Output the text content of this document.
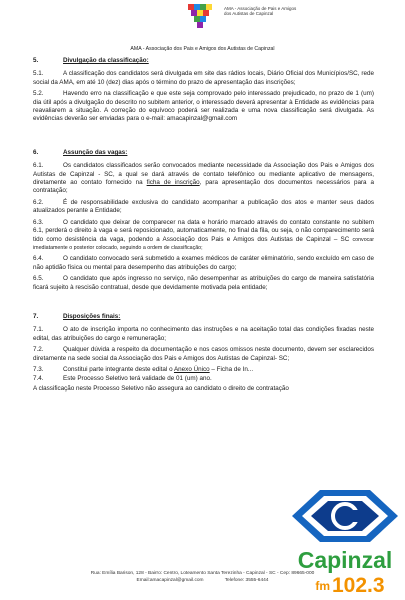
AMA - Associação de Pais e Amigos
dos Autistas de Capinzal
AMA - Associação dos Pais e Amigos dos Autistas de Capinzal
5.	Divulgação da classificação:
5.1.	A classificação dos candidatos será divulgada em site das rádios locais, Diário Oficial dos Municípios/SC, rede social da AMA, em até 10 (dez) dias após o término do prazo de apresentação das inscrições;
5.2.	Havendo erro na classificação e que este seja comprovado pelo interessado prejudicado, no prazo de 1 (um) dia útil após a divulgação do descrito no subitem anterior, o interessado deverá apresentar à Entidade as evidências para reavaliarem a situação. A correção do equívoco poderá ser realizada e uma nova classificação será divulgada. As evidências deverão ser enviadas para o e-mail: amacapinzal@gmail.com
6.	Assunção das vagas:
6.1.	Os candidatos classificados serão convocados mediante necessidade da Associação dos Pais e Amigos dos Autistas de Capinzal - SC, a qual se dará através de contato telefônico ou mediante aplicativo de mensagens, diretamente ao contato fornecido na ficha de inscrição, para apresentação dos documentos necessários para a contratação;
6.2.	É de responsabilidade exclusiva do candidato acompanhar a publicação dos atos e manter seus dados atualizados perante a Entidade;
6.3.	O candidato que deixar de comparecer na data e horário marcado através do contato constante no subitem 6.1, perderá o direito à vaga e será reposicionado, automaticamente, no final da fila, ou seja, o não comparecimento será tido como desistência da vaga, podendo a Associação dos Pais e Amigos dos Autistas de Capinzal – SC convocar imediatamente o posterior colocado, seguindo a ordem de classificação;
6.4.	O candidato convocado será submetido a exames médicos de caráter eliminatório, sendo excluído em caso de não aptidão física ou mental para desempenho das atribuições do cargo;
6.5.	O candidato que após ingresso no serviço, não desempenhar as atribuições do cargo de maneira satisfatória ficará sujeito à rescisão contratual, desde que devidamente motivada pela entidade;
7.	Disposições finais:
7.1.	O ato de inscrição importa no conhecimento das instruções e na aceitação total das condições fixadas neste edital, das atribuições do cargo e remuneração;
7.2.	Qualquer dúvida a respeito da documentação e nos casos omissos neste documento, devem ser esclarecidos diretamente na sede social da Associação dos Pais e Amigos dos Autistas de Capinzal- SC;
7.3.	Constitui parte integrante deste edital o Anexo Único – Ficha de In...
7.4.	Este Processo Seletivo terá validade de 01 (um) ano.
A classificação neste Processo Seletivo não assegura ao candidato o direito de contratação
Rua: Emília Barison, 128 - Bairro: Centro, Loteamento Santa Terezinha - Capinzal - SC - Cep: 89665-000
Email:amacapinzal@gmail.com                Telefone: 3555-6444
Capinzal
fm 102.3
